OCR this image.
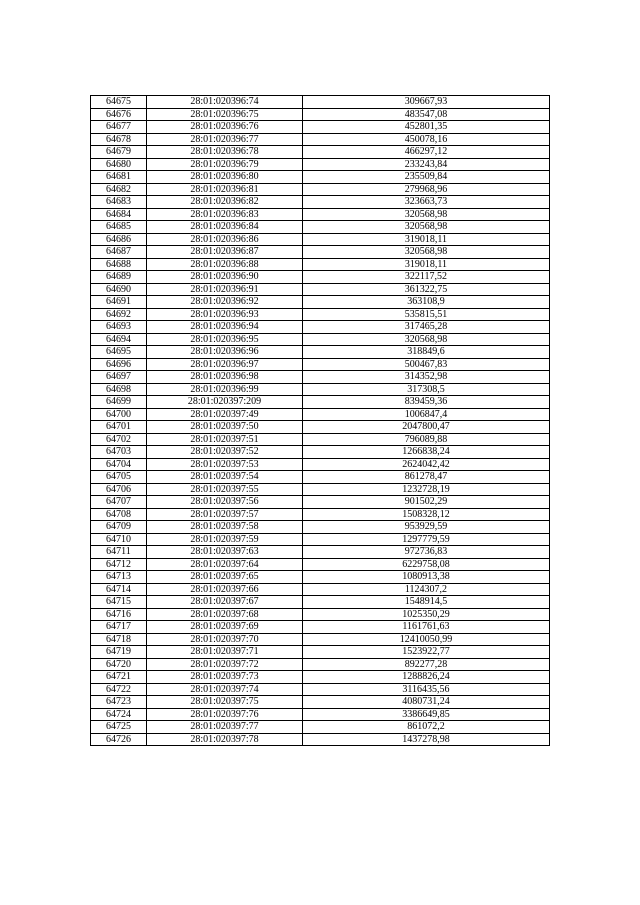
64675	28:01:020396:74	309667,93
64676	28:01:020396:75	483547,08
64677	28:01:020396:76	452801,35
64678	28:01:020396:77	450078,16
64679	28:01:020396:78	466297,12
64680	28:01:020396:79	233243,84
64681	28:01:020396:80	235509,84
64682	28:01:020396:81	279968,96
64683	28:01:020396:82	323663,73
64684	28:01:020396:83	320568,98
64685	28:01:020396:84	320568,98
64686	28:01:020396:86	319018,11
64687	28:01:020396:87	320568,98
64688	28:01:020396:88	319018,11
64689	28:01:020396:90	322117,52
64690	28:01:020396:91	361322,75
64691	28:01:020396:92	363108,9
64692	28:01:020396:93	535815,51
64693	28:01:020396:94	317465,28
64694	28:01:020396:95	320568,98
64695	28:01:020396:96	318849,6
64696	28:01:020396:97	500467,83
64697	28:01:020396:98	314352,98
64698	28:01:020396:99	317308,5
64699	28:01:020397:209	839459,36
64700	28:01:020397:49	1006847,4
64701	28:01:020397:50	2047800,47
64702	28:01:020397:51	796089,88
64703	28:01:020397:52	1266838,24
64704	28:01:020397:53	2624042,42
64705	28:01:020397:54	861278,47
64706	28:01:020397:55	1232728,19
64707	28:01:020397:56	901502,29
64708	28:01:020397:57	1508328,12
64709	28:01:020397:58	953929,59
64710	28:01:020397:59	1297779,59
64711	28:01:020397:63	972736,83
64712	28:01:020397:64	6229758,08
64713	28:01:020397:65	1080913,38
64714	28:01:020397:66	1124307,2
64715	28:01:020397:67	1548914,5
64716	28:01:020397:68	1025350,29
64717	28:01:020397:69	1161761,63
64718	28:01:020397:70	12410050,99
64719	28:01:020397:71	1523922,77
64720	28:01:020397:72	892277,28
64721	28:01:020397:73	1288826,24
64722	28:01:020397:74	3116435,56
64723	28:01:020397:75	4080731,24
64724	28:01:020397:76	3386649,85
64725	28:01:020397:77	861072,2
64726	28:01:020397:78	1437278,98
